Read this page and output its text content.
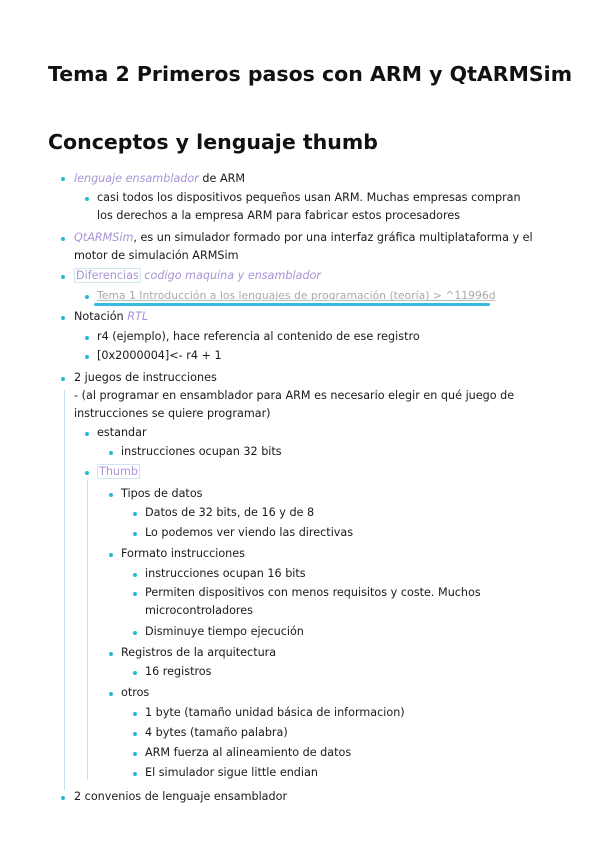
Tema 2 Primeros pasos con ARM y QtARMSim
Conceptos y lenguaje thumb
lenguaje ensamblador de ARM
casi todos los dispositivos pequeños usan ARM. Muchas empresas compran los derechos a la empresa ARM para fabricar estos procesadores
QtARMSim, es un simulador formado por una interfaz gráfica multiplataforma y el motor de simulación ARMSim
Diferencias codigo maquina y ensamblador
Tema 1 Introducción a los lenguajes de programación (teoría) > ^11996d
Notación RTL
r4 (ejemplo), hace referencia al contenido de ese registro
[0x2000004]<- r4 + 1
2 juegos de instrucciones
- (al programar en ensamblador para ARM es necesario elegir en qué juego de instrucciones se quiere programar)
estandar
instrucciones ocupan 32 bits
Thumb
Tipos de datos
Datos de 32 bits, de 16 y de 8
Lo podemos ver viendo las directivas
Formato instrucciones
instrucciones ocupan 16 bits
Permiten dispositivos con menos requisitos y coste. Muchos microcontroladores
Disminuye tiempo ejecución
Registros de la arquitectura
16 registros
otros
1 byte (tamaño unidad básica de informacion)
4 bytes (tamaño palabra)
ARM fuerza al alineamiento de datos
El simulador sigue little endian
2 convenios de lenguaje ensamblador
